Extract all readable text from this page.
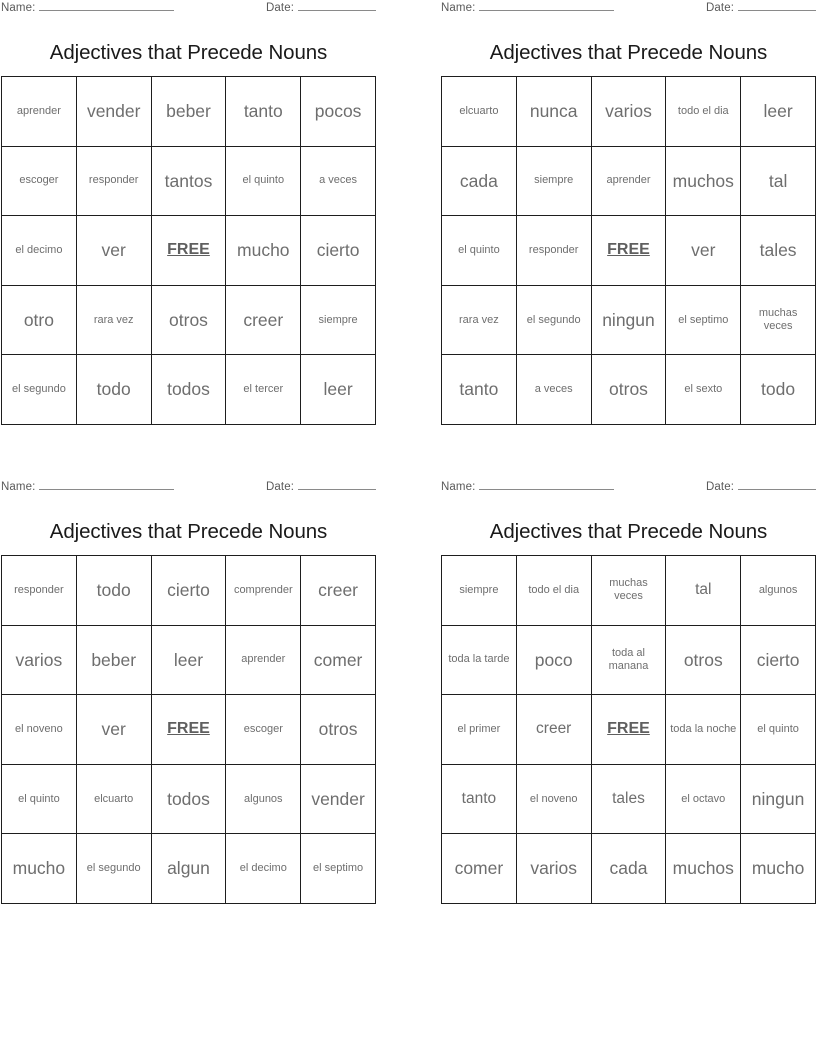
Name:	Date:
Adjectives that Precede Nouns
aprender	vender	beber	tanto	pocos
escoger	responder	tantos	el quinto	a veces
el decimo	ver	FREE	mucho	cierto
otro	rara vez	otros	creer	siempre
el segundo	todo	todos	el tercer	leer
Name:	Date:
Adjectives that Precede Nouns
elcuarto	nunca	varios	todo el dia	leer
cada	siempre	aprender	muchos	tal
el quinto	responder	FREE	ver	tales
rara vez	el segundo	ningun	el septimo	muchas veces
tanto	a veces	otros	el sexto	todo
Name:	Date:
Adjectives that Precede Nouns
responder	todo	cierto	comprender	creer
varios	beber	leer	aprender	comer
el noveno	ver	FREE	escoger	otros
el quinto	elcuarto	todos	algunos	vender
mucho	el segundo	algun	el decimo	el septimo
Name:	Date:
Adjectives that Precede Nouns
siempre	todo el dia	muchas veces	tal	algunos
toda la tarde	poco	toda al manana	otros	cierto
el primer	creer	FREE	toda la noche	el quinto
tanto	el noveno	tales	el octavo	ningun
comer	varios	cada	muchos	mucho
